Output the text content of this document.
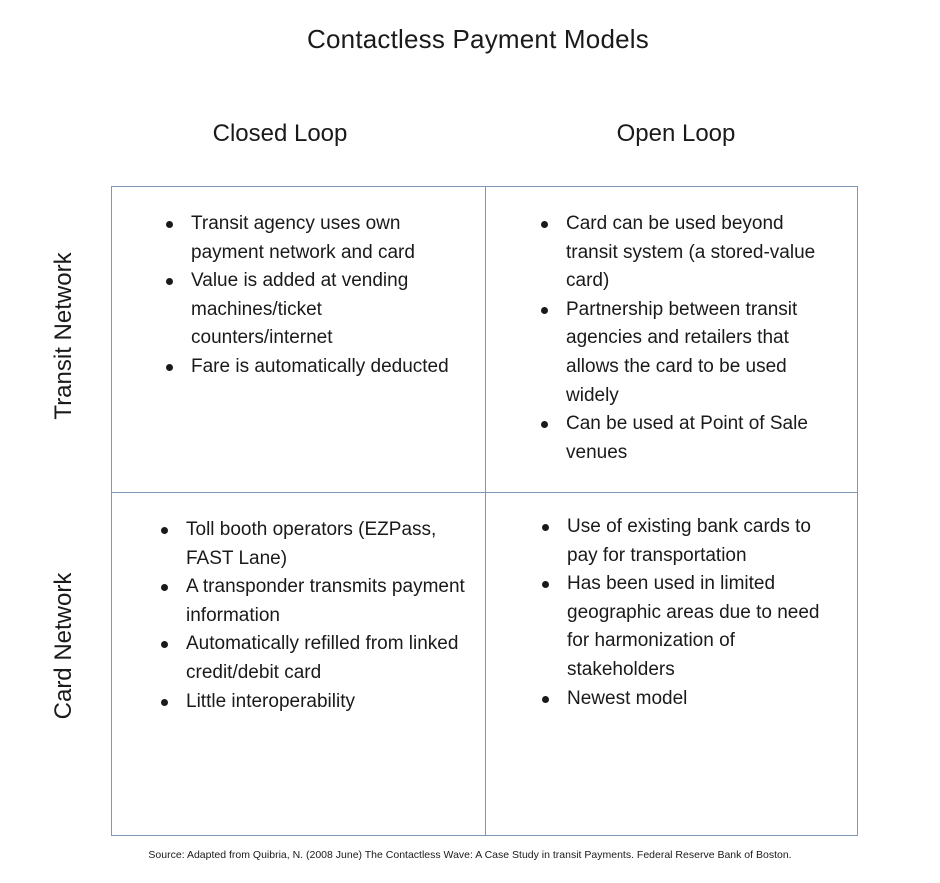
Contactless Payment Models
Closed Loop	Open Loop
Transit Network
Card Network
Transit agency uses own payment network and card
Value is added at vending machines/ticket counters/internet
Fare is automatically deducted
Card can be used beyond transit system (a stored-value card)
Partnership between transit agencies and retailers that allows the card to be used widely
Can be used at Point of Sale venues
Toll booth operators (EZPass, FAST Lane)
A transponder transmits payment information
Automatically refilled from linked credit/debit card
Little interoperability
Use of existing bank cards to pay for transportation
Has been used in limited geographic areas due to need for harmonization of stakeholders
Newest model
Source: Adapted from Quibria, N. (2008 June) The Contactless Wave: A Case Study in transit Payments. Federal Reserve Bank of Boston.
